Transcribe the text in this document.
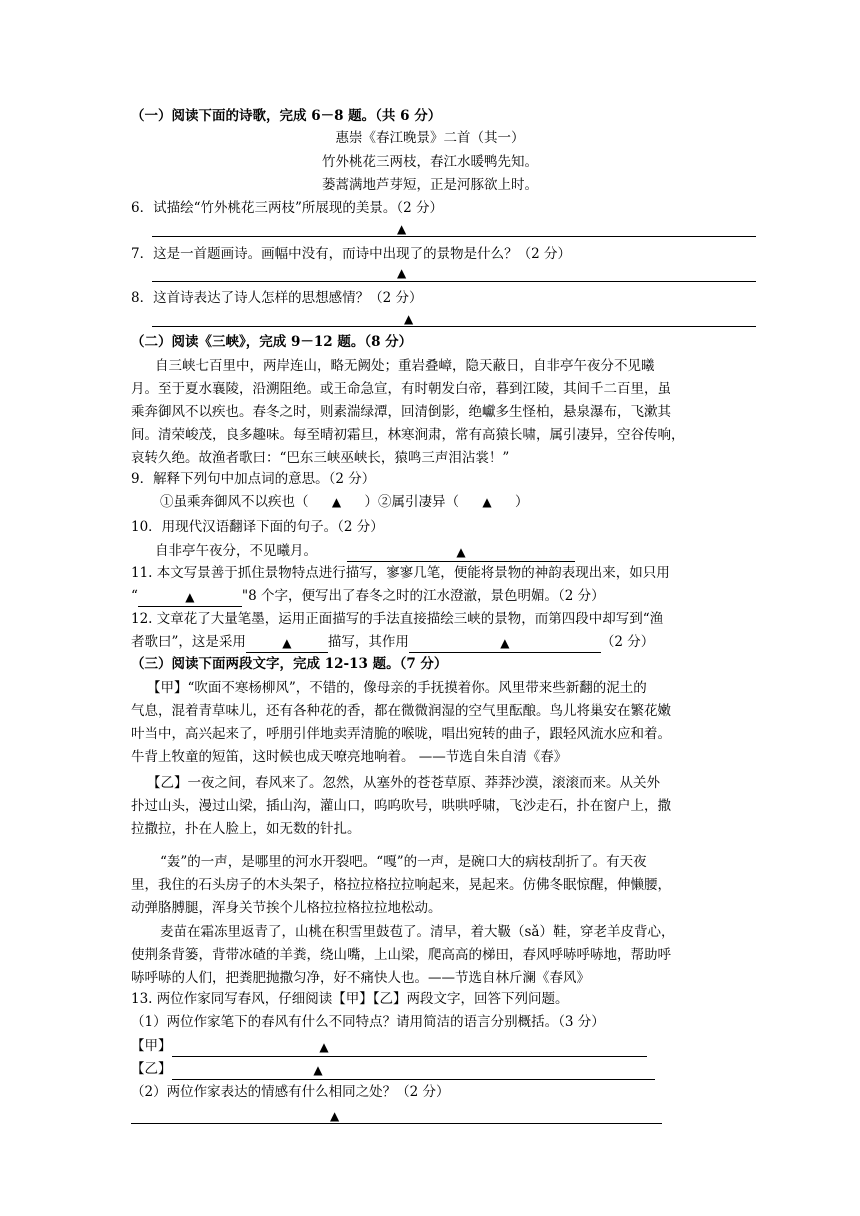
（一）阅读下面的诗歌，完成 6－8 题。（共 6 分）
惠崇《春江晚景》二首（其一）
竹外桃花三两枝，春江水暖鸭先知。
蒌蒿满地芦芽短，正是河豚欲上时。
6．试描绘“竹外桃花三两枝”所展现的美景。（2 分）
▲
7．这是一首题画诗。画幅中没有，而诗中出现了的景物是什么？（2 分）
▲
8．这首诗表达了诗人怎样的思想感情？（2 分）
▲
（二）阅读《三峡》，完成 9－12 题。（8 分）
自三峡七百里中，两岸连山，略无阙处；重岩叠嶂，隐天蔽日，自非亭午夜分不见曦
月。至于夏水襄陵，沿溯阻绝。或王命急宣，有时朝发白帝，暮到江陵，其间千二百里，虽
乘奔御风不以疾也。春冬之时，则素湍绿潭，回清倒影，绝巘多生怪柏，悬泉瀑布，飞漱其
间。清荣峻茂，良多趣味。每至晴初霜旦，林寒涧肃，常有高猿长啸，属引凄异，空谷传响，
哀转久绝。故渔者歌曰：“巴东三峡巫峡长，猿鸣三声泪沾裳！”
9．解释下列句中加点词的意思。（2 分）
①虽乘奔御风不以疾也（ ▲ ）②属引凄异（ ▲ ）
10．用现代汉语翻译下面的句子。（2 分）
自非亭午夜分，不见曦月。	▲
11. 本文写景善于抓住景物特点进行描写，寥寥几笔，便能将景物的神韵表现出来，如只用
“	▲	"8 个字，便写出了春冬之时的江水澄澈，景色明媚。（2 分）
12. 文章花了大量笔墨，运用正面描写的手法直接描绘三峡的景物，而第四段中却写到“渔
者歌曰”，这是采用	▲	描写，其作用	▲	（2 分）
（三）阅读下面两段文字，完成 12-13 题。（7 分）
【甲】“吹面不寒杨柳风”，不错的，像母亲的手抚摸着你。风里带来些新翻的泥土的
气息，混着青草味儿，还有各种花的香，都在微微润湿的空气里酝酿。鸟儿将巢安在繁花嫩
叶当中，高兴起来了，呼朋引伴地卖弄清脆的喉咙，唱出宛转的曲子，跟轻风流水应和着。
牛背上牧童的短笛，这时候也成天嘹亮地响着。 ——节选自朱自清《春》
【乙】一夜之间，春风来了。忽然，从塞外的苍苍草原、莽莽沙漠，滚滚而来。从关外
扑过山头，漫过山梁，插山沟，灌山口，呜呜吹号，哄哄呼啸，飞沙走石，扑在窗户上，撒
拉撒拉，扑在人脸上，如无数的针扎。
“轰”的一声，是哪里的河水开裂吧。“嘎”的一声，是碗口大的病枝刮折了。有天夜
里，我住的石头房子的木头架子，格拉拉格拉拉响起来，晃起来。仿佛冬眠惊醒，伸懒腰，
动弹胳膊腿，浑身关节挨个儿格拉拉格拉拉地松动。
麦苗在霜冻里返青了，山桃在积雪里鼓苞了。清早，着大靸（sǎ）鞋，穿老羊皮背心，
使荆条背篓，背带冰碴的羊粪，绕山嘴，上山梁，爬高高的梯田，春风呼哧呼哧地，帮助呼
哧呼哧的人们，把粪肥抛撒匀净，好不痛快人也。——节选自林斤澜《春风》
13. 两位作家同写春风，仔细阅读【甲】【乙】两段文字，回答下列问题。
（1）两位作家笔下的春风有什么不同特点？请用简洁的语言分别概括。（3 分）
【甲】	▲
【乙】	▲
（2）两位作家表达的情感有什么相同之处？（2 分）
▲
